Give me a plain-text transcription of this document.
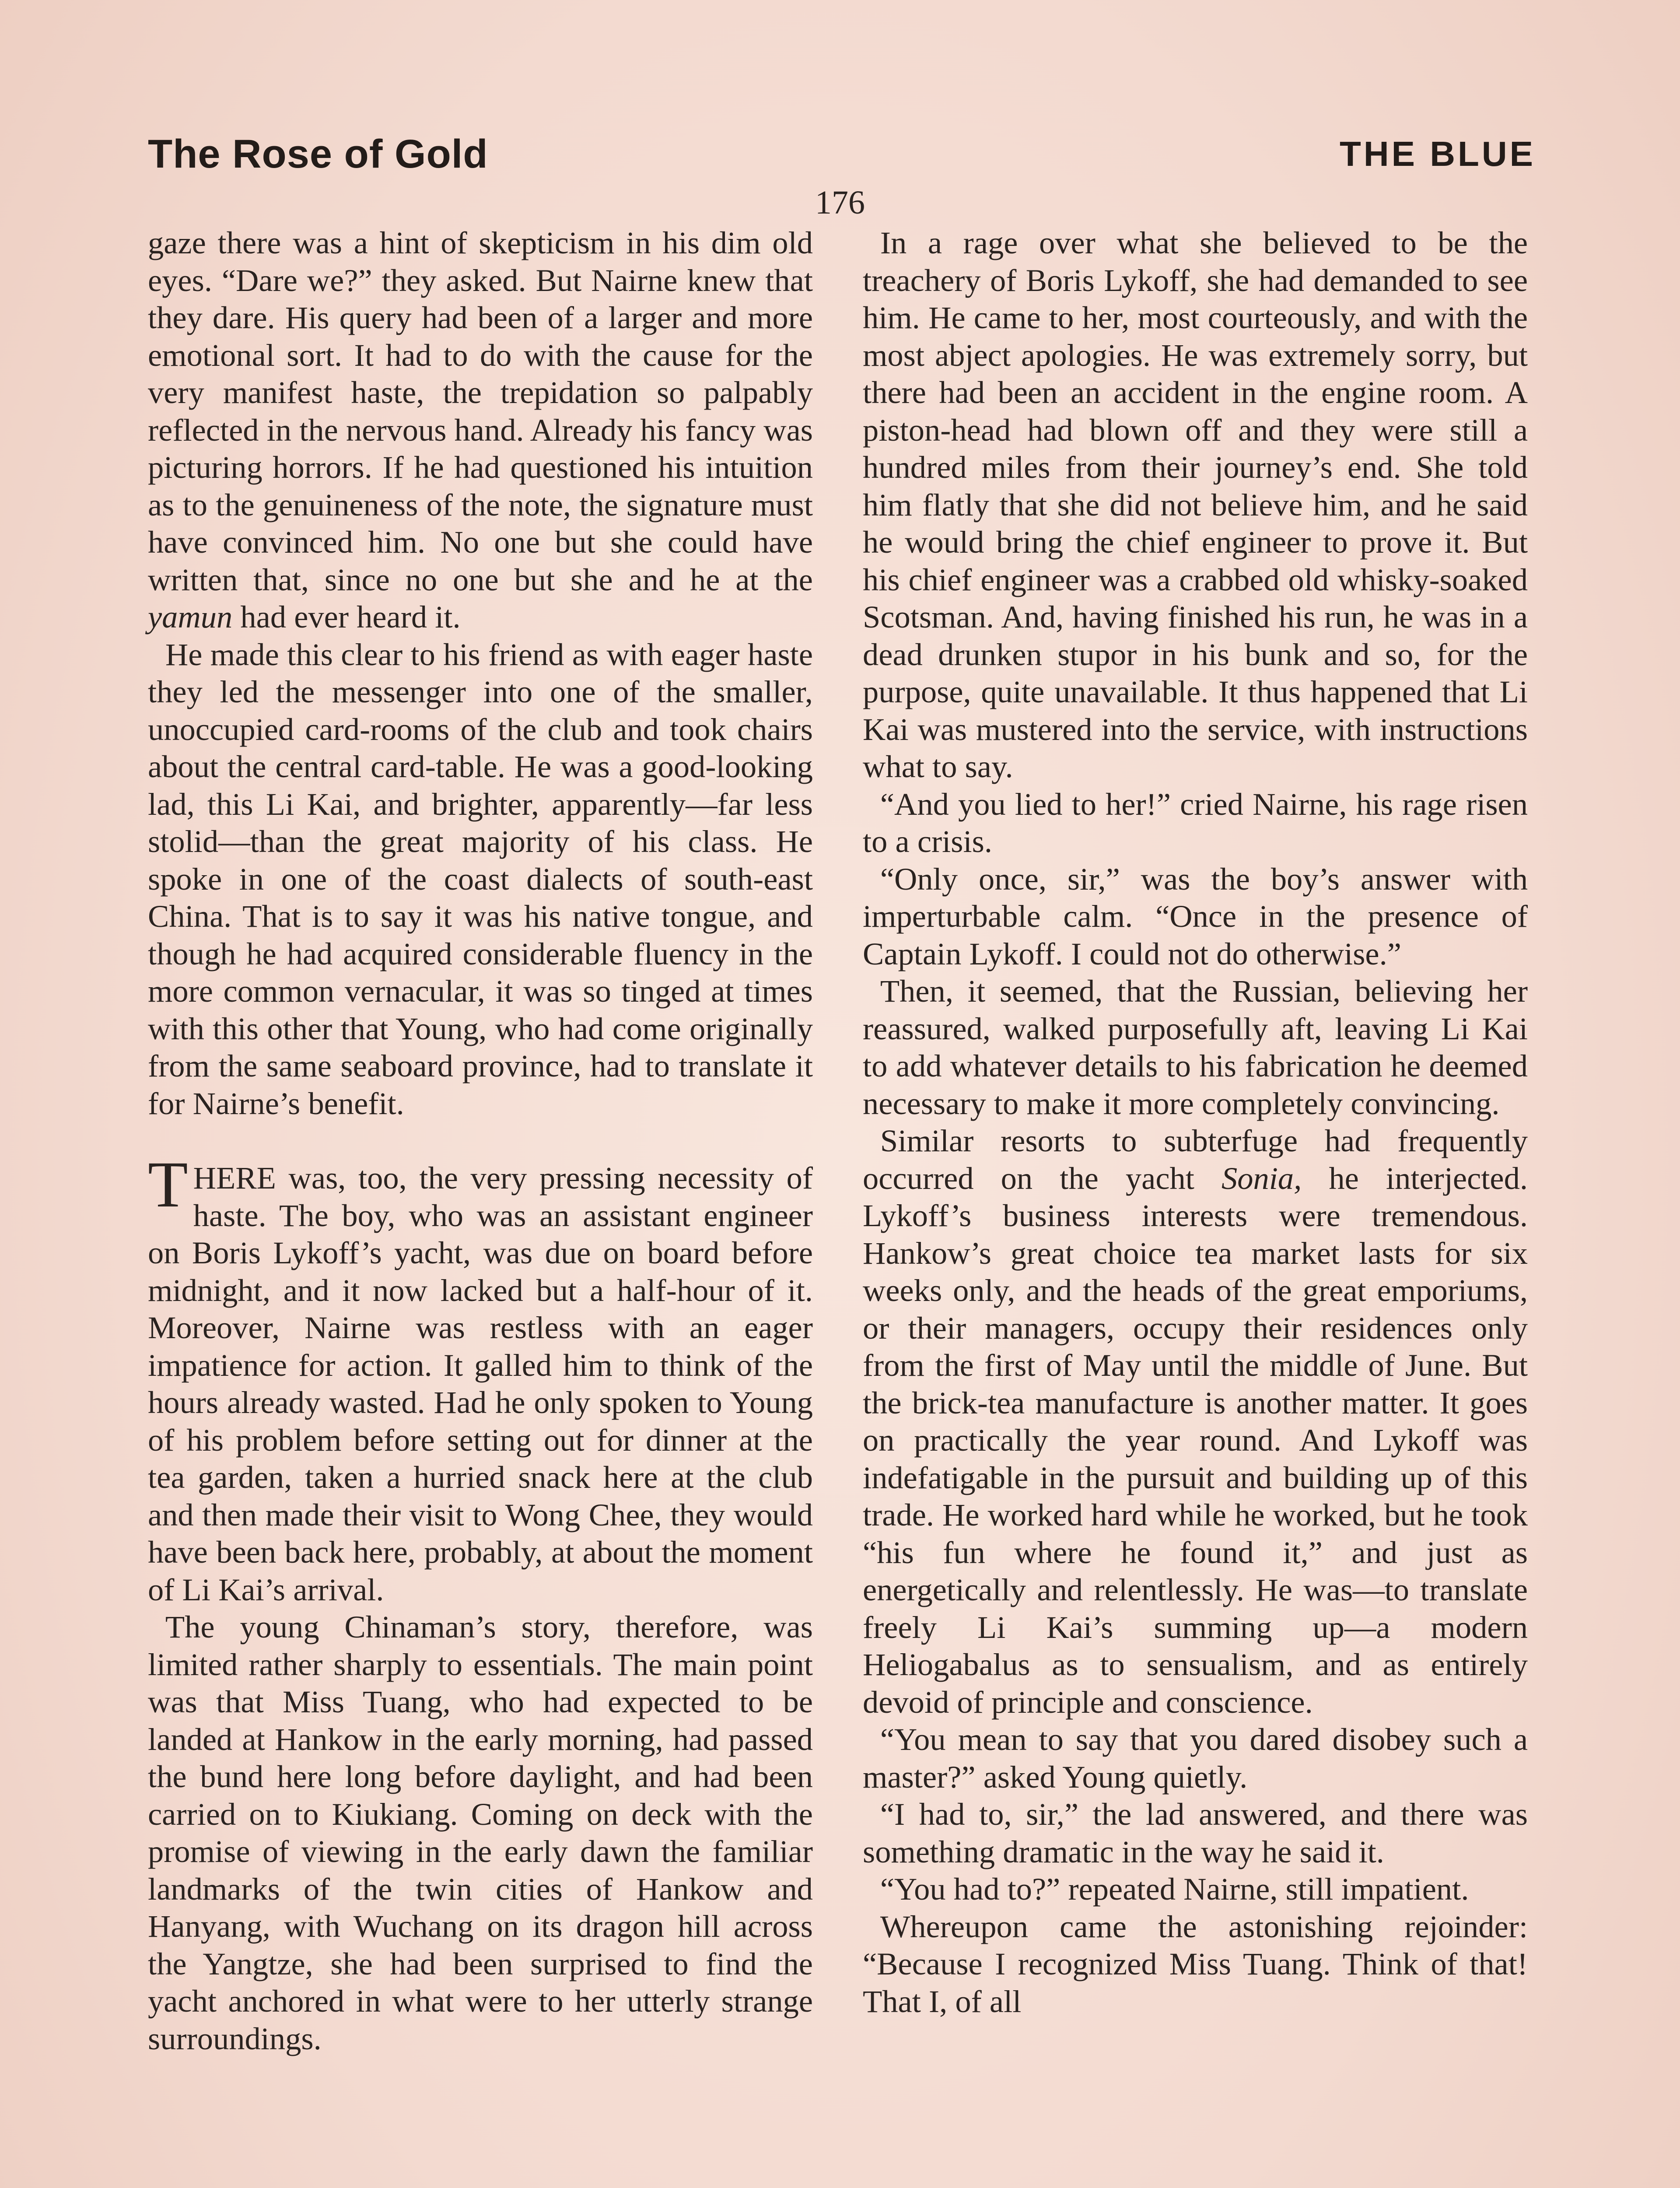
The Rose of Gold	THE BLUE
176

gaze there was a hint of skepticism in his dim old eyes. “Dare we?” they asked. But Nairne knew that they dare. His query had been of a larger and more emotional sort. It had to do with the cause for the very manifest haste, the trepidation so palpably reflected in the nervous hand. Already his fancy was picturing horrors. If he had questioned his intuition as to the genuineness of the note, the signature must have convinced him. No one but she could have written that, since no one but she and he at the yamun had ever heard it.

He made this clear to his friend as with eager haste they led the messenger into one of the smaller, unoccupied card-rooms of the club and took chairs about the central card-table. He was a good-looking lad, this Li Kai, and brighter, apparently—far less stolid—than the great majority of his class. He spoke in one of the coast dialects of south-east China. That is to say it was his native tongue, and though he had acquired considerable fluency in the more common vernacular, it was so tinged at times with this other that Young, who had come originally from the same seaboard province, had to translate it for Nairne’s benefit.

THERE was, too, the very pressing necessity of haste. The boy, who was an assistant engineer on Boris Lykoff’s yacht, was due on board before midnight, and it now lacked but a half-hour of it. Moreover, Nairne was restless with an eager impatience for action. It galled him to think of the hours already wasted. Had he only spoken to Young of his problem before setting out for dinner at the tea garden, taken a hurried snack here at the club and then made their visit to Wong Chee, they would have been back here, probably, at about the moment of Li Kai’s arrival.

The young Chinaman’s story, therefore, was limited rather sharply to essentials. The main point was that Miss Tuang, who had expected to be landed at Hankow in the early morning, had passed the bund here long before daylight, and had been carried on to Kiukiang. Coming on deck with the promise of viewing in the early dawn the familiar landmarks of the twin cities of Hankow and Hanyang, with Wuchang on its dragon hill across the Yangtze, she had been surprised to find the yacht anchored in what were to her utterly strange surroundings.

In a rage over what she believed to be the treachery of Boris Lykoff, she had demanded to see him. He came to her, most courteously, and with the most abject apologies. He was extremely sorry, but there had been an accident in the engine room. A piston-head had blown off and they were still a hundred miles from their journey’s end. She told him flatly that she did not believe him, and he said he would bring the chief engineer to prove it. But his chief engineer was a crabbed old whisky-soaked Scotsman. And, having finished his run, he was in a dead drunken stupor in his bunk and so, for the purpose, quite unavailable. It thus happened that Li Kai was mustered into the service, with instructions what to say.

“And you lied to her!” cried Nairne, his rage risen to a crisis.

“Only once, sir,” was the boy’s answer with imperturbable calm. “Once in the presence of Captain Lykoff. I could not do otherwise.”

Then, it seemed, that the Russian, believing her reassured, walked purposefully aft, leaving Li Kai to add whatever details to his fabrication he deemed necessary to make it more completely convincing.

Similar resorts to subterfuge had frequently occurred on the yacht Sonia, he interjected. Lykoff’s business interests were tremendous. Hankow’s great choice tea market lasts for six weeks only, and the heads of the great emporiums, or their managers, occupy their residences only from the first of May until the middle of June. But the brick-tea manufacture is another matter. It goes on practically the year round. And Lykoff was indefatigable in the pursuit and building up of this trade. He worked hard while he worked, but he took “his fun where he found it,” and just as energetically and relentlessly. He was—to translate freely Li Kai’s summing up—a modern Heliogabalus as to sensualism, and as entirely devoid of principle and conscience.

“You mean to say that you dared disobey such a master?” asked Young quietly.

“I had to, sir,” the lad answered, and there was something dramatic in the way he said it.

“You had to?” repeated Nairne, still impatient.

Whereupon came the astonishing rejoinder: “Because I recognized Miss Tuang. Think of that! That I, of all
